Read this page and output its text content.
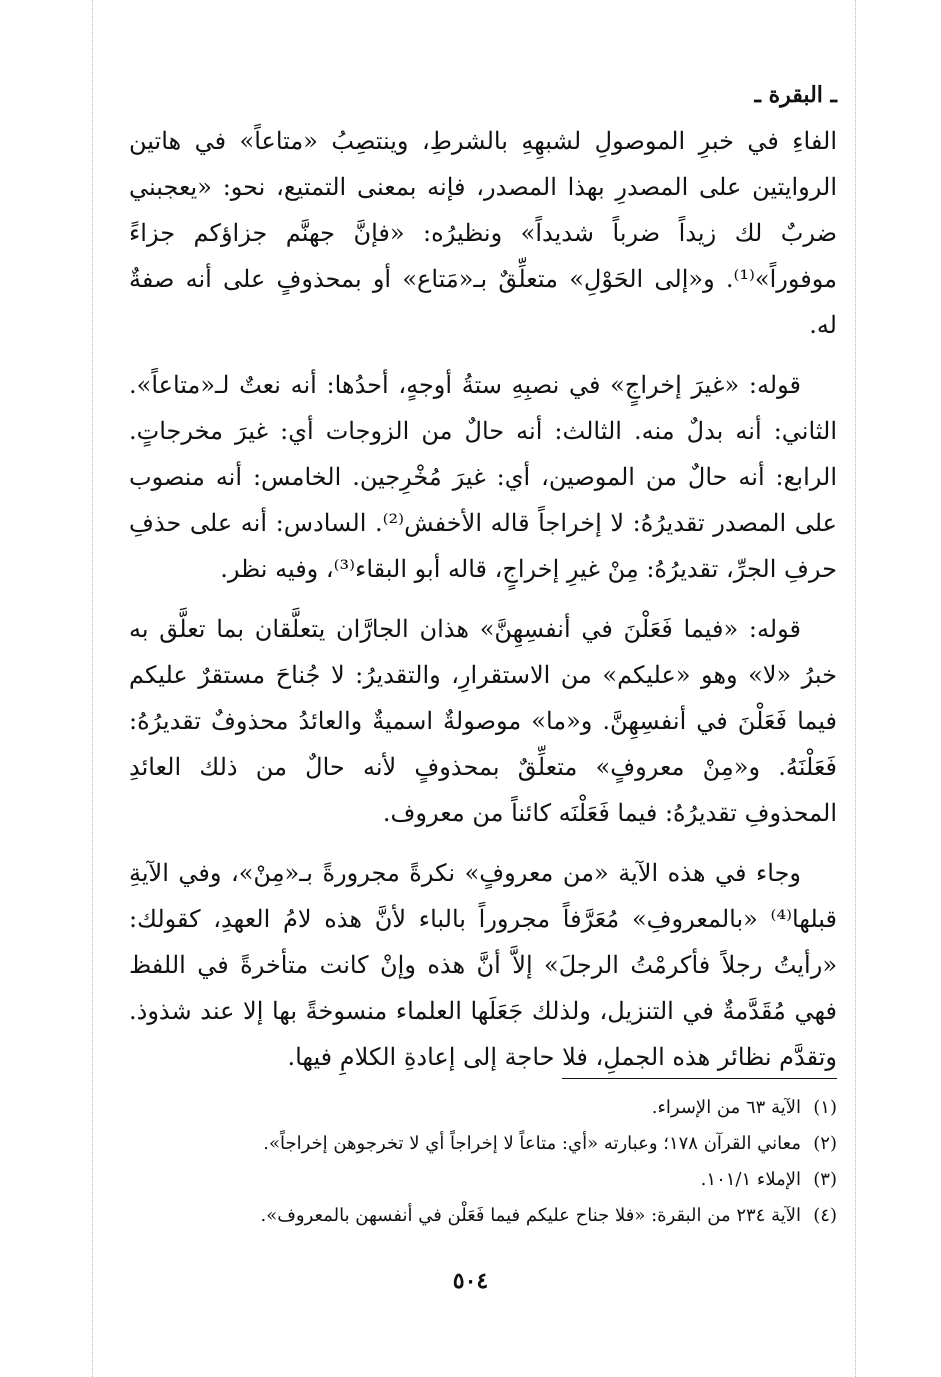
ـ البقرة ـ

الفاءِ في خبرِ الموصولِ لشبهِهِ بالشرطِ، وينتصِبُ «متاعاً» في هاتين الروايتين على المصدرِ بهذا المصدر، فإنه بمعنى التمتيع، نحو: «يعجبني ضربٌ لك زيداً ضرباً شديداً» ونظيرُه: «فإنَّ جهنَّم جزاؤكم جزاءً موفوراً»⁽¹⁾. و«إلى الحَوْلِ» متعلِّقٌ بـ«مَتاع» أو بمحذوفٍ على أنه صفةٌ له.

قوله: «غيرَ إخراجٍ» في نصبِهِ ستةُ أوجهٍ، أحدُها: أنه نعتٌ لـ«متاعاً». الثاني: أنه بدلٌ منه. الثالث: أنه حالٌ من الزوجات أي: غيرَ مخرجاتٍ. الرابع: أنه حالٌ من الموصين، أي: غيرَ مُخْرِجين. الخامس: أنه منصوب على المصدر تقديرُهُ: لا إخراجاً قاله الأخفش⁽²⁾. السادس: أنه على حذفِ حرفِ الجرِّ، تقديرُهُ: مِنْ غيرِ إخراجٍ، قاله أبو البقاء⁽³⁾، وفيه نظر.

قوله: «فيما فَعَلْنَ في أنفسِهِنَّ» هذان الجارَّان يتعلَّقان بما تعلَّق به خبرُ «لا» وهو «عليكم» من الاستقرارِ، والتقديرُ: لا جُناحَ مستقرٌ عليكم فيما فَعَلْنَ في أنفسِهِنَّ. و«ما» موصولةٌ اسميةٌ والعائدُ محذوفٌ تقديرُهُ: فَعَلْنَهُ. و«مِنْ معروفٍ» متعلِّقٌ بمحذوفٍ لأنه حالٌ من ذلك العائدِ المحذوفِ تقديرُهُ: فيما فَعَلْنَه كائناً من معروف.

وجاء في هذه الآية «من معروفٍ» نكرةً مجرورةً بـ«مِنْ»، وفي الآيةِ قبلها⁽⁴⁾ «بالمعروفِ» مُعَرَّفاً مجروراً بالباء لأنَّ هذه لامُ العهدِ، كقولك: «رأيتُ رجلاً فأكرمْتُ الرجلَ» إلاَّ أنَّ هذه وإنْ كانت متأخرةً في اللفظ فهي مُقَدَّمةٌ في التنزيل، ولذلك جَعَلَها العلماء منسوخةً بها إلا عند شذوذ. وتقدَّم نظائر هذه الجملِ، فلا حاجة إلى إعادةِ الكلامِ فيها.

(١)
الآية ٦٣ من الإسراء.
(٢)
معاني القرآن ١٧٨؛ وعبارته «أي: متاعاً لا إخراجاً أي لا تخرجوهن إخراجاً».
(٣)
الإملاء ١٠١/١.
(٤)
الآية ٢٣٤ من البقرة: «فلا جناح عليكم فيما فَعَلْن في أنفسهن بالمعروف».
٥٠٤
